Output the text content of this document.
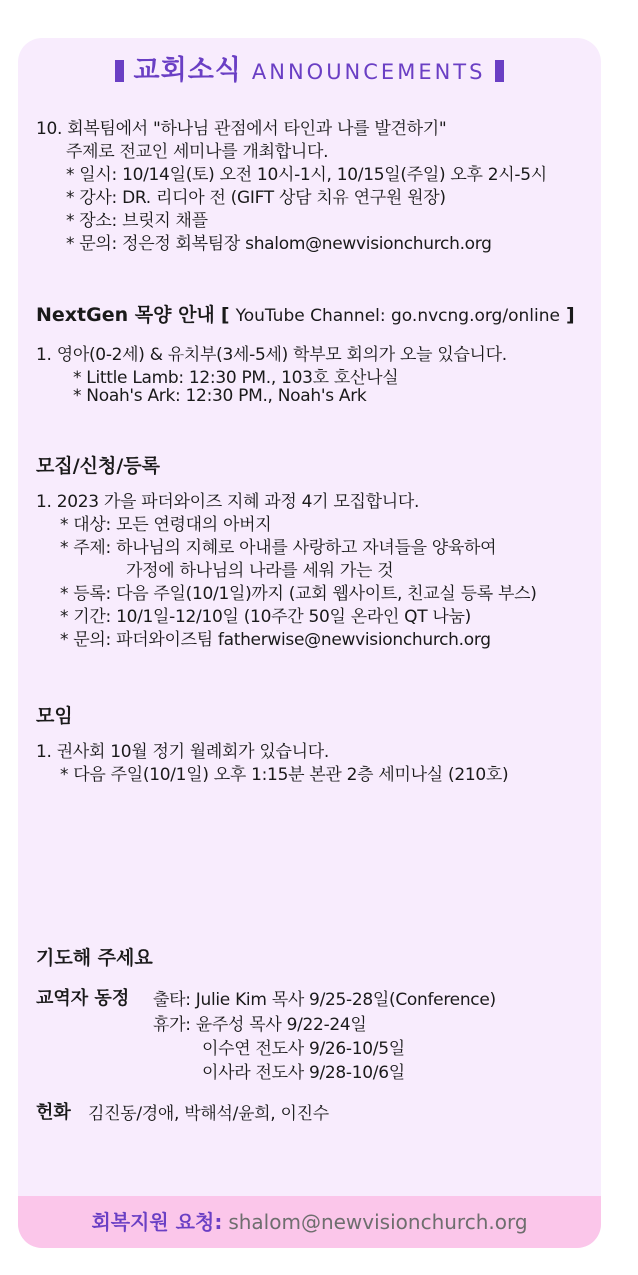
교회소식 ANNOUNCEMENTS
10. 회복팀에서 "하나님 관점에서 타인과 나를 발견하기"
주제로 전교인 세미나를 개최합니다.
* 일시: 10/14일(토) 오전 10시-1시, 10/15일(주일) 오후 2시-5시
* 강사: DR. 리디아 전 (GIFT 상담 치유 연구원 원장)
* 장소: 브릿지 채플
* 문의: 정은정 회복팀장 shalom@newvisionchurch.org
NextGen 목양 안내 [ YouTube Channel: go.nvcng.org/online ]
1. 영아(0-2세) & 유치부(3세-5세) 학부모 회의가 오늘 있습니다.
* Little Lamb: 12:30 PM., 103호 호산나실
* Noah's Ark: 12:30 PM., Noah's Ark
모집/신청/등록
1. 2023 가을 파더와이즈 지혜 과정 4기 모집합니다.
* 대상: 모든 연령대의 아버지
* 주제: 하나님의 지혜로 아내를 사랑하고 자녀들을 양육하여
가정에 하나님의 나라를 세워 가는 것
* 등록: 다음 주일(10/1일)까지 (교회 웹사이트, 친교실 등록 부스)
* 기간: 10/1일-12/10일 (10주간 50일 온라인 QT 나눔)
* 문의: 파더와이즈팀 fatherwise@newvisionchurch.org
모임
1. 권사회 10월 정기 월례회가 있습니다.
* 다음 주일(10/1일) 오후 1:15분 본관 2층 세미나실 (210호)
기도해 주세요
교역자 동정 출타: Julie Kim 목사 9/25-28일(Conference)
휴가: 윤주성 목사 9/22-24일
이수연 전도사 9/26-10/5일
이사라 전도사 9/28-10/6일
헌화 김진동/경애, 박해석/윤희, 이진수
회복지원 요청: shalom@newvisionchurch.org
